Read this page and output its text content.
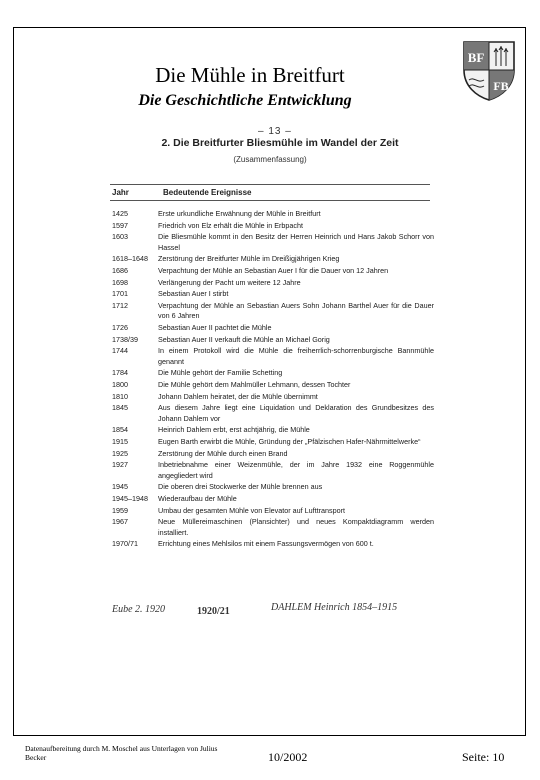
BF
FB
Die Mühle in Breitfurt
Die Geschichtliche Entwicklung
– 13 –
2. Die Breitfurter Bliesmühle im Wandel der Zeit
(Zusammenfassung)
Jahr	Bedeutende Ereignisse
1425	Erste urkundliche Erwähnung der Mühle in Breitfurt
1597	Friedrich von Elz erhält die Mühle in Erbpacht
1603	Die Bliesmühle kommt in den Besitz der Herren Heinrich und Hans Jakob Schorr von Hassel
1618–1648	Zerstörung der Breitfurter Mühle im Dreißigjährigen Krieg
1686	Verpachtung der Mühle an Sebastian Auer I für die Dauer von 12 Jahren
1698	Verlängerung der Pacht um weitere 12 Jahre
1701	Sebastian Auer I stirbt
1712	Verpachtung der Mühle an Sebastian Auers Sohn Johann Barthel Auer für die Dauer von 6 Jahren
1726	Sebastian Auer II pachtet die Mühle
1738/39	Sebastian Auer II verkauft die Mühle an Michael Gorig
1744	In einem Protokoll wird die Mühle die freiherrlich-schorrenburgische Bannmühle genannt
1784	Die Mühle gehört der Familie Schetting
1800	Die Mühle gehört dem Mahlmüller Lehmann, dessen Tochter
1810	Johann Dahlem heiratet, der die Mühle übernimmt
1845	Aus diesem Jahre liegt eine Liquidation und Deklaration des Grundbesitzes des Johann Dahlem vor
1854	Heinrich Dahlem erbt, erst achtjährig, die Mühle
1915	Eugen Barth erwirbt die Mühle, Gründung der „Pfälzischen Hafer-Nährmittelwerke“
1925	Zerstörung der Mühle durch einen Brand
1927	Inbetriebnahme einer Weizenmühle, der im Jahre 1932 eine Roggenmühle angegliedert wird
1945	Die oberen drei Stockwerke der Mühle brennen aus
1945–1948	Wiederaufbau der Mühle
1959	Umbau der gesamten Mühle von Elevator auf Lufttransport
1967	Neue Müllereimaschinen (Plansichter) und neues Kompaktdiagramm werden installiert.
1970/71	Errichtung eines Mehlsilos mit einem Fassungsvermögen von 600 t.
Eube 2. 1920	1920/21	DAHLEM Heinrich 1854–1915
Datenaufbereitung durch M. Moschel aus Unterlagen von Julius Becker	10/2002	Seite: 10
